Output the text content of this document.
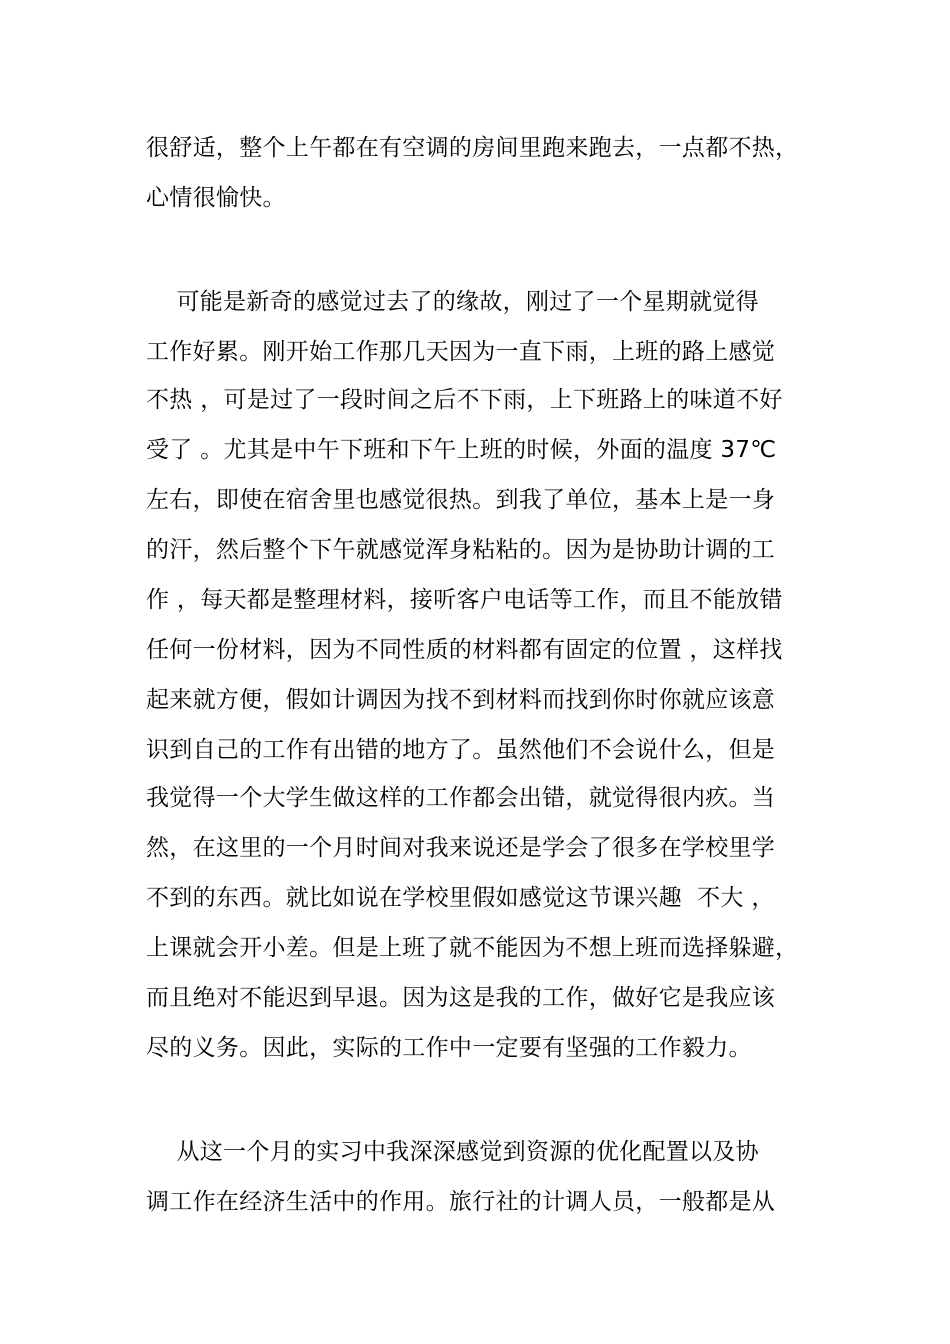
很舒适，整个上午都在有空调的房间里跑来跑去，一点都不热，
心情很愉快。
可能是新奇的感觉过去了的缘故，刚过了一个星期就觉得
工作好累。刚开始工作那几天因为一直下雨，上班的路上感觉
不热 ，可是过了一段时间之后不下雨，上下班路上的味道不好
受了 。尤其是中午下班和下午上班的时候，外面的温度 37℃
左右，即使在宿舍里也感觉很热。到我了单位，基本上是一身
的汗，然后整个下午就感觉浑身粘粘的。因为是协助计调的工
作 ，每天都是整理材料，接听客户电话等工作，而且不能放错
任何一份材料，因为不同性质的材料都有固定的位置 ，这样找
起来就方便，假如计调因为找不到材料而找到你时你就应该意
识到自己的工作有出错的地方了。虽然他们不会说什么，但是
我觉得一个大学生做这样的工作都会出错，就觉得很内疚。当
然，在这里的一个月时间对我来说还是学会了很多在学校里学
不到的东西。就比如说在学校里假如感觉这节课兴趣  不大 ，
上课就会开小差。但是上班了就不能因为不想上班而选择躲避，
而且绝对不能迟到早退。因为这是我的工作，做好它是我应该
尽的义务。因此，实际的工作中一定要有坚强的工作毅力。
从这一个月的实习中我深深感觉到资源的优化配置以及协
调工作在经济生活中的作用。旅行社的计调人员，一般都是从
